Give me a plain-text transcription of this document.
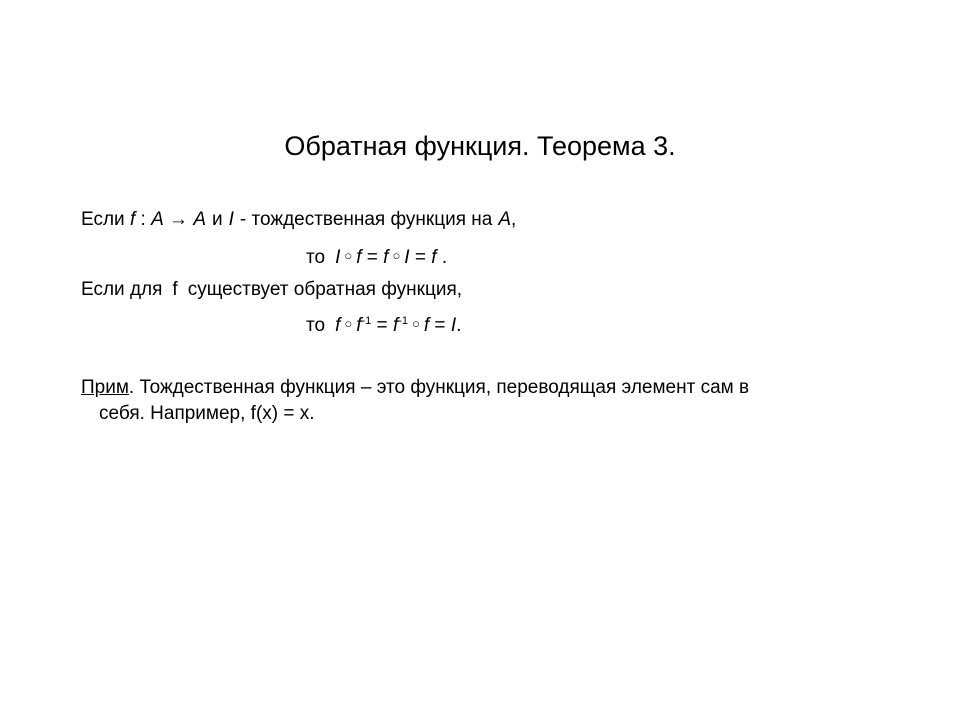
Обратная функция. Теорема 3.
Если f : A → A и I - тождественная функция на A,
то I ○ f = f ○ I = f .
Если для f существует обратная функция,
то f ○ $f^{-1} = f^{-1}$ ○ f = I.
Прим. Тождественная функция – это функция, переводящая элемент сам в
себя. Например, f(x) = x.
